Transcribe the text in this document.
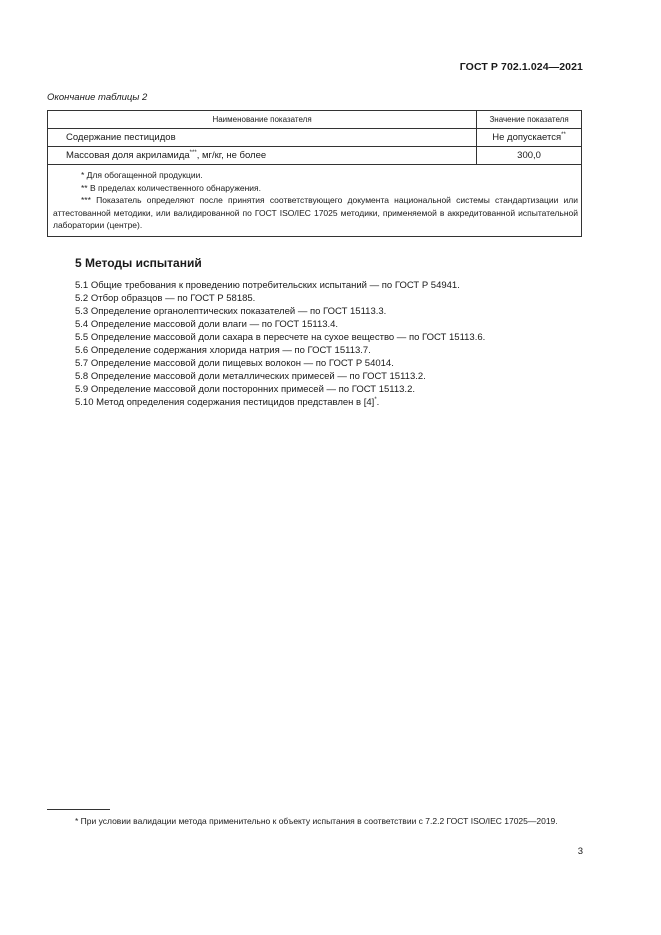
ГОСТ Р 702.1.024—2021
Окончание таблицы 2
Наименование показателя	Значение показателя
Содержание пестицидов	Не допускается**
Массовая доля акриламида***, мг/кг, не более	300,0

* Для обогащенной продукции.
** В пределах количественного обнаружения.
*** Показатель определяют после принятия соответствующего документа национальной системы стандартизации или аттестованной методики, или валидированной по ГОСТ ISO/IEC 17025 методики, применяемой в аккредитованной испытательной лаборатории (центре).	
5 Методы испытаний
5.1 Общие требования к проведению потребительских испытаний — по ГОСТ Р 54941.
5.2 Отбор образцов — по ГОСТ Р 58185.
5.3 Определение органолептических показателей — по ГОСТ 15113.3.
5.4 Определение массовой доли влаги — по ГОСТ 15113.4.
5.5 Определение массовой доли сахара в пересчете на сухое вещество — по ГОСТ 15113.6.
5.6 Определение содержания хлорида натрия — по ГОСТ 15113.7.
5.7 Определение массовой доли пищевых волокон — по ГОСТ Р 54014.
5.8 Определение массовой доли металлических примесей — по ГОСТ 15113.2.
5.9 Определение массовой доли посторонних примесей — по ГОСТ 15113.2.
5.10 Метод определения содержания пестицидов представлен в [4]*.
* При условии валидации метода применительно к объекту испытания в соответствии с 7.2.2 ГОСТ ISO/IEC 17025—2019.
3
